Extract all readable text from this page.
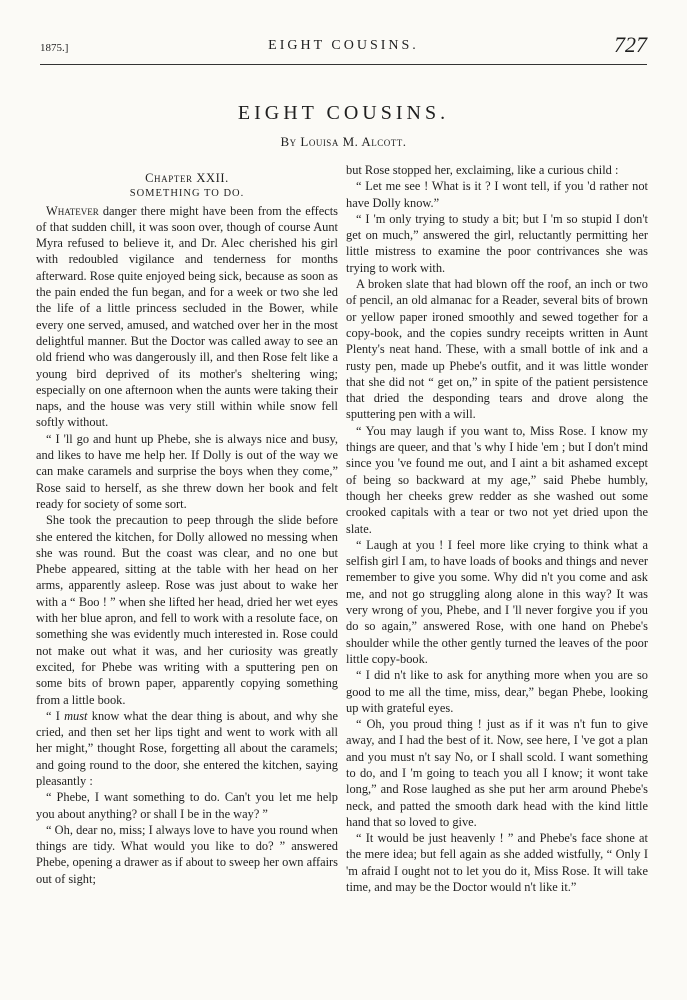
1875.]	EIGHT COUSINS.	727
EIGHT COUSINS.
By Louisa M. Alcott.

Chapter XXII.

SOMETHING TO DO.

Whatever danger there might have been from the effects of that sudden chill, it was soon over, though of course Aunt Myra refused to believe it, and Dr. Alec cherished his girl with redoubled vigilance and tenderness for months afterward. Rose quite enjoyed being sick, because as soon as the pain ended the fun began, and for a week or two she led the life of a little princess secluded in the Bower, while every one served, amused, and watched over her in the most delightful manner. But the Doctor was called away to see an old friend who was dangerously ill, and then Rose felt like a young bird deprived of its mother's sheltering wing; especially on one afternoon when the aunts were taking their naps, and the house was very still within while snow fell softly without.

“ I 'll go and hunt up Phebe, she is always nice and busy, and likes to have me help her. If Dolly is out of the way we can make caramels and surprise the boys when they come,” Rose said to herself, as she threw down her book and felt ready for society of some sort.

She took the precaution to peep through the slide before she entered the kitchen, for Dolly allowed no messing when she was round. But the coast was clear, and no one but Phebe appeared, sitting at the table with her head on her arms, apparently asleep. Rose was just about to wake her with a “ Boo ! ” when she lifted her head, dried her wet eyes with her blue apron, and fell to work with a resolute face, on something she was evidently much interested in. Rose could not make out what it was, and her curiosity was greatly excited, for Phebe was writing with a sputtering pen on some bits of brown paper, apparently copying something from a little book.

“ I must know what the dear thing is about, and why she cried, and then set her lips tight and went to work with all her might,” thought Rose, forgetting all about the caramels; and going round to the door, she entered the kitchen, saying pleasantly :

“ Phebe, I want something to do. Can't you let me help you about anything? or shall I be in the way? ”

“ Oh, dear no, miss; I always love to have you round when things are tidy. What would you like to do? ” answered Phebe, opening a drawer as if about to sweep her own affairs out of sight;

but Rose stopped her, exclaiming, like a curious child :

“ Let me see ! What is it ? I wont tell, if you 'd rather not have Dolly know.”

“ I 'm only trying to study a bit; but I 'm so stupid I don't get on much,” answered the girl, reluctantly permitting her little mistress to examine the poor contrivances she was trying to work with.

A broken slate that had blown off the roof, an inch or two of pencil, an old almanac for a Reader, several bits of brown or yellow paper ironed smoothly and sewed together for a copy-book, and the copies sundry receipts written in Aunt Plenty's neat hand. These, with a small bottle of ink and a rusty pen, made up Phebe's outfit, and it was little wonder that she did not “ get on,” in spite of the patient persistence that dried the desponding tears and drove along the sputtering pen with a will.

“ You may laugh if you want to, Miss Rose. I know my things are queer, and that 's why I hide 'em ; but I don't mind since you 've found me out, and I aint a bit ashamed except of being so backward at my age,” said Phebe humbly, though her cheeks grew redder as she washed out some crooked capitals with a tear or two not yet dried upon the slate.

“ Laugh at you ! I feel more like crying to think what a selfish girl I am, to have loads of books and things and never remember to give you some. Why did n't you come and ask me, and not go struggling along alone in this way? It was very wrong of you, Phebe, and I 'll never forgive you if you do so again,” answered Rose, with one hand on Phebe's shoulder while the other gently turned the leaves of the poor little copy-book.

“ I did n't like to ask for anything more when you are so good to me all the time, miss, dear,” began Phebe, looking up with grateful eyes.

“ Oh, you proud thing ! just as if it was n't fun to give away, and I had the best of it. Now, see here, I 've got a plan and you must n't say No, or I shall scold. I want something to do, and I 'm going to teach you all I know; it wont take long,” and Rose laughed as she put her arm around Phebe's neck, and patted the smooth dark head with the kind little hand that so loved to give.

“ It would be just heavenly ! ” and Phebe's face shone at the mere idea; but fell again as she added wistfully, “ Only I 'm afraid I ought not to let you do it, Miss Rose. It will take time, and may be the Doctor would n't like it.”
